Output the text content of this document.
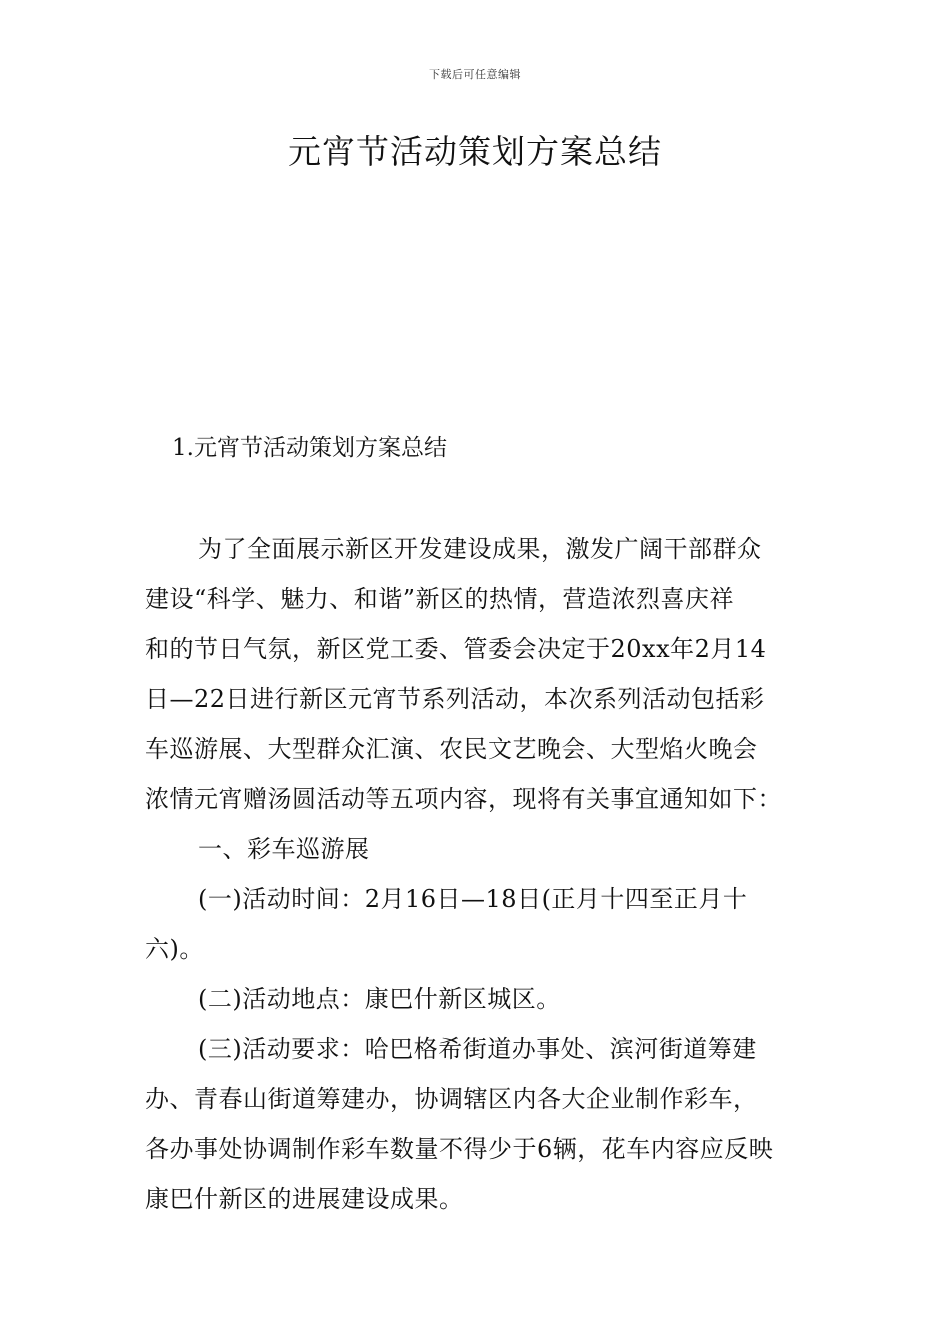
下载后可任意编辑
元宵节活动策划方案总结
1.元宵节活动策划方案总结
为了全面展示新区开发建设成果，激发广阔干部群众
建设“科学、魅力、和谐”新区的热情，营造浓烈喜庆祥
和的节日气氛，新区党工委、管委会决定于20xx年2月14
日—22日进行新区元宵节系列活动，本次系列活动包括彩
车巡游展、大型群众汇演、农民文艺晚会、大型焰火晚会
浓情元宵赠汤圆活动等五项内容，现将有关事宜通知如下：
一、彩车巡游展
(一)活动时间：2月16日—18日(正月十四至正月十
六)。
(二)活动地点：康巴什新区城区。
(三)活动要求：哈巴格希街道办事处、滨河街道筹建
办、青春山街道筹建办，协调辖区内各大企业制作彩车，
各办事处协调制作彩车数量不得少于6辆，花车内容应反映
康巴什新区的进展建设成果。
